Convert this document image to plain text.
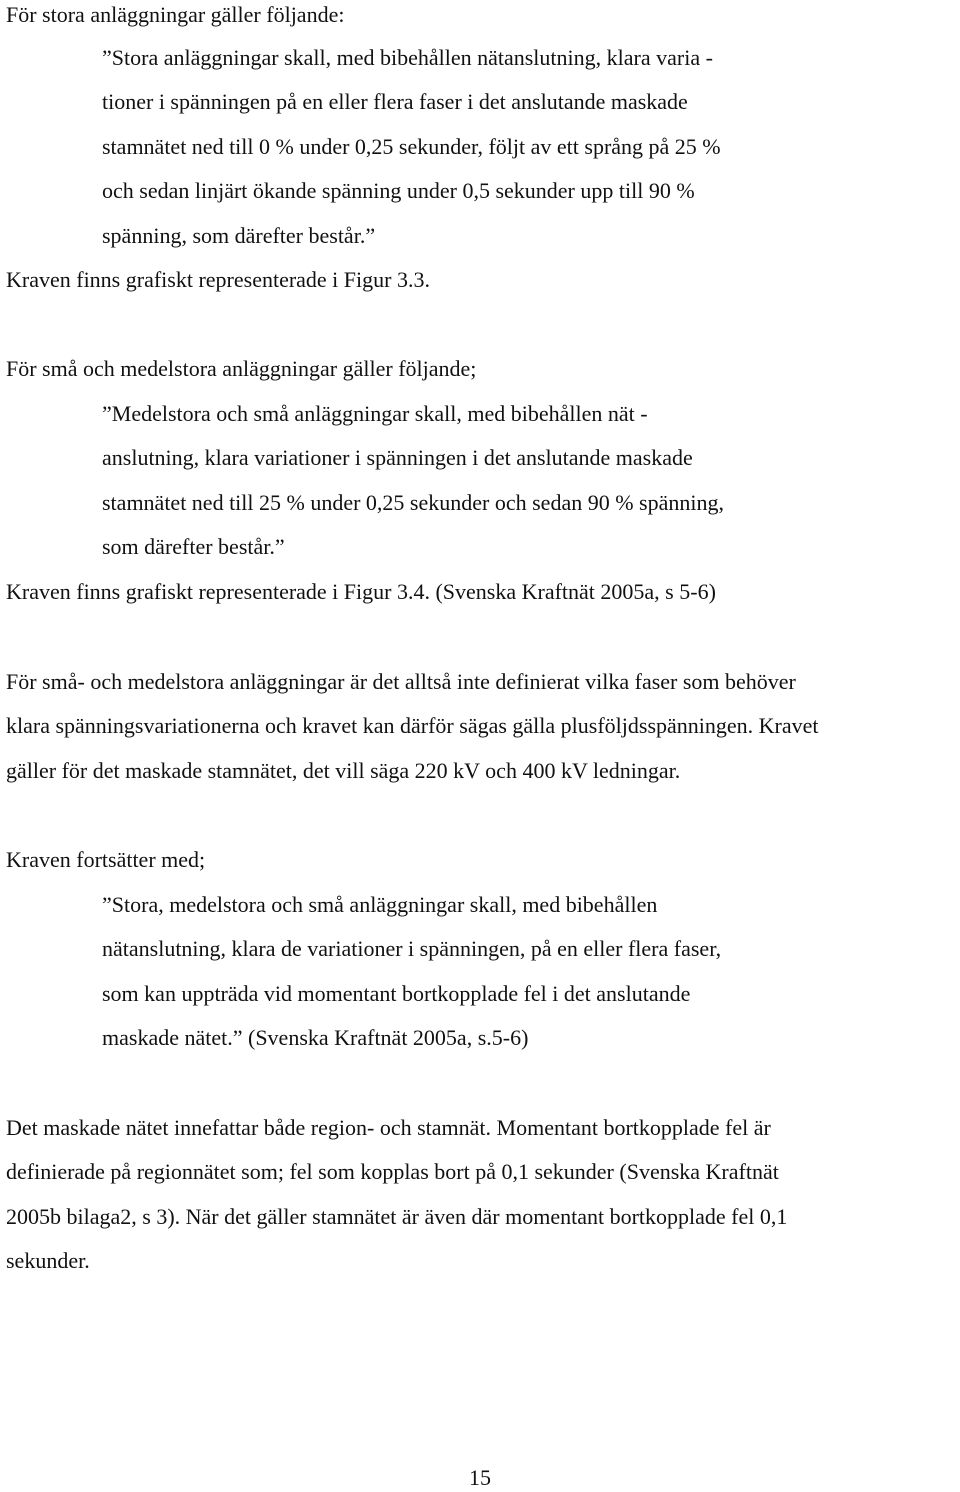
För stora anläggningar gäller följande:
”Stora anläggningar skall, med bibehållen nätanslutning, klara varia -
tioner i spänningen på en eller flera faser i det anslutande maskade
stamnätet ned till 0 % under 0,25 sekunder, följt av ett språng på 25 %
och sedan linjärt ökande spänning under 0,5 sekunder upp till 90 %
spänning, som därefter består.”
Kraven finns grafiskt representerade i Figur 3.3.
För små och medelstora anläggningar gäller följande;
”Medelstora och små anläggningar skall, med bibehållen nät -
anslutning, klara variationer i spänningen i det anslutande maskade
stamnätet ned till 25 % under 0,25 sekunder och sedan 90 % spänning,
som därefter består.”
Kraven finns grafiskt representerade i Figur 3.4. (Svenska Kraftnät 2005a, s 5-6)
För små- och medelstora anläggningar är det alltså inte definierat vilka faser som behöver
klara spänningsvariationerna och kravet kan därför sägas gälla plusföljdsspänningen. Kravet
gäller för det maskade stamnätet, det vill säga 220 kV och 400 kV ledningar.
Kraven fortsätter med;
”Stora, medelstora och små anläggningar skall, med bibehållen
nätanslutning, klara de variationer i spänningen, på en eller flera faser,
som kan uppträda vid momentant bortkopplade fel i det anslutande
maskade nätet.” (Svenska Kraftnät 2005a, s.5-6)
Det maskade nätet innefattar både region- och stamnät. Momentant bortkopplade fel är
definierade på regionnätet som; fel som kopplas bort på 0,1 sekunder (Svenska Kraftnät
2005b bilaga2, s 3). När det gäller stamnätet är även där momentant bortkopplade fel 0,1
sekunder.
15
